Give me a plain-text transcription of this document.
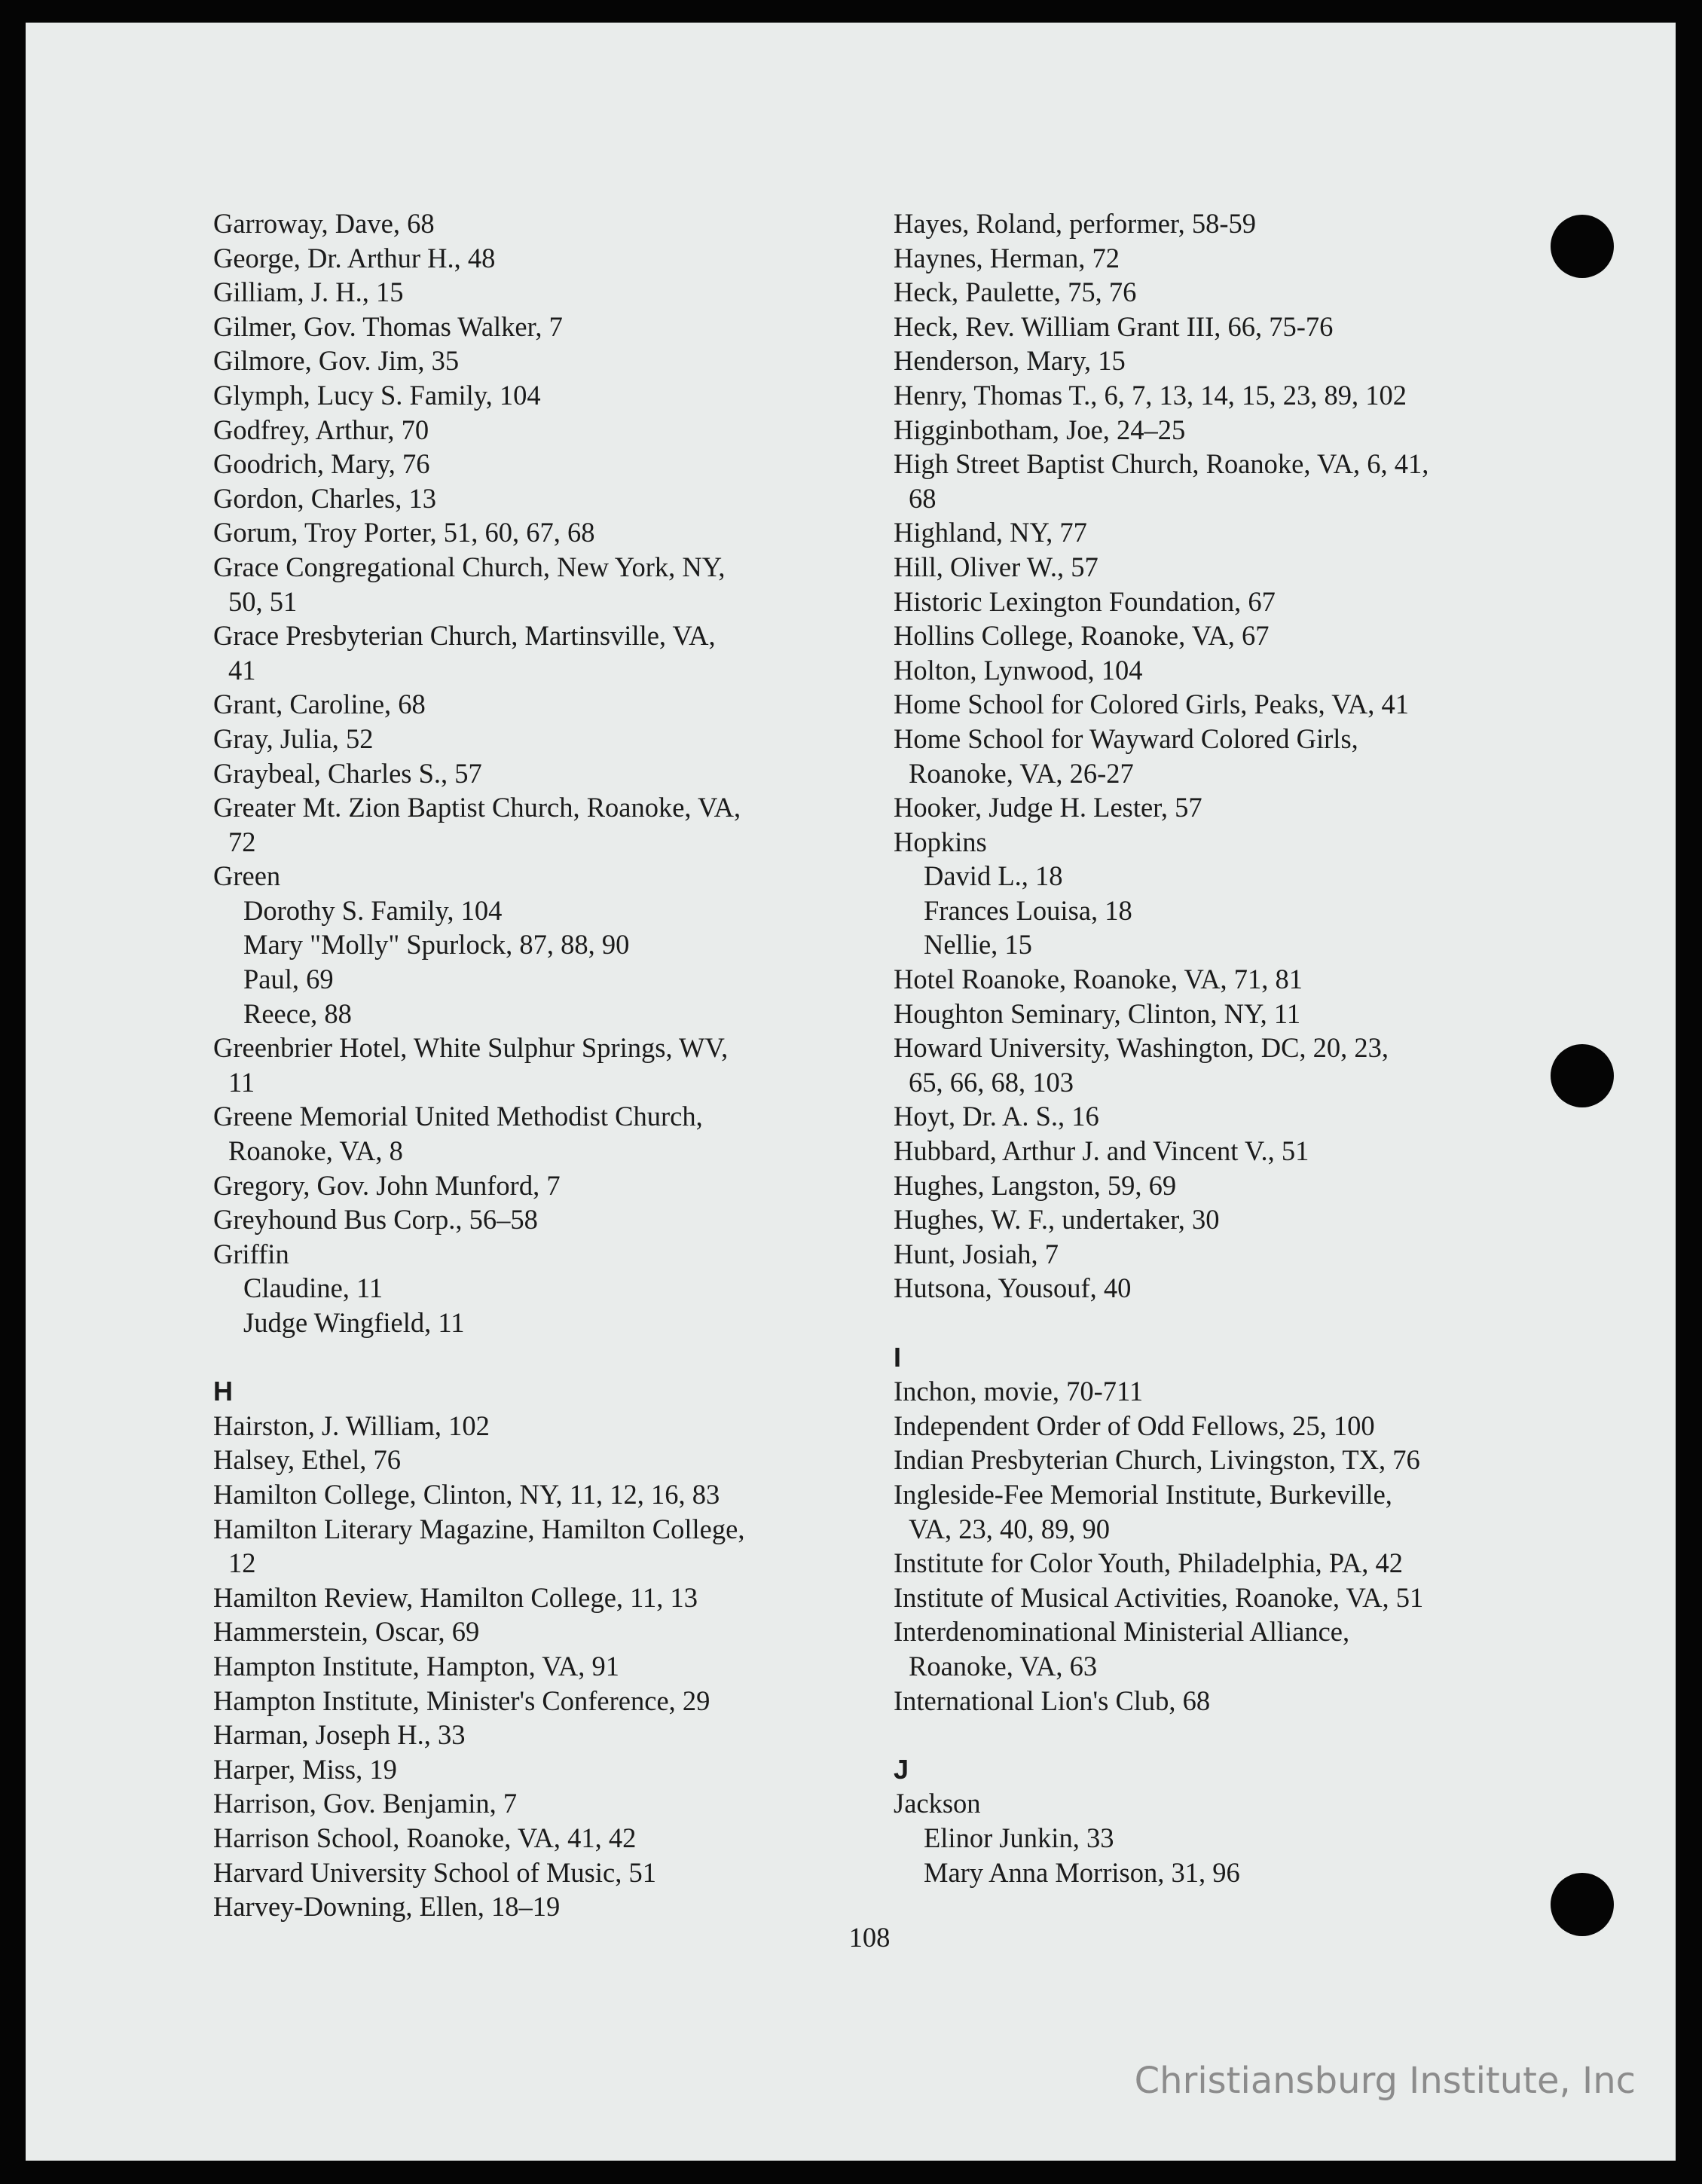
Garroway, Dave, 68
George, Dr. Arthur H., 48
Gilliam, J. H., 15
Gilmer, Gov. Thomas Walker, 7
Gilmore, Gov. Jim, 35
Glymph, Lucy S. Family, 104
Godfrey, Arthur, 70
Goodrich, Mary, 76
Gordon, Charles, 13
Gorum, Troy Porter, 51, 60, 67, 68
Grace Congregational Church, New York, NY,
50, 51
Grace Presbyterian Church, Martinsville, VA,
41
Grant, Caroline, 68
Gray, Julia, 52
Graybeal, Charles S., 57
Greater Mt. Zion Baptist Church, Roanoke, VA,
72
Green
Dorothy S. Family, 104
Mary "Molly" Spurlock, 87, 88, 90
Paul, 69
Reece, 88
Greenbrier Hotel, White Sulphur Springs, WV,
11
Greene Memorial United Methodist Church,
Roanoke, VA, 8
Gregory, Gov. John Munford, 7
Greyhound Bus Corp., 56–58
Griffin
Claudine, 11
Judge Wingfield, 11
H
Hairston, J. William, 102
Halsey, Ethel, 76
Hamilton College, Clinton, NY, 11, 12, 16, 83
Hamilton Literary Magazine, Hamilton College,
12
Hamilton Review, Hamilton College, 11, 13
Hammerstein, Oscar, 69
Hampton Institute, Hampton, VA, 91
Hampton Institute, Minister's Conference, 29
Harman, Joseph H., 33
Harper, Miss, 19
Harrison, Gov. Benjamin, 7
Harrison School, Roanoke, VA, 41, 42
Harvard University School of Music, 51
Harvey-Downing, Ellen, 18–19
Hayes, Roland, performer, 58-59
Haynes, Herman, 72
Heck, Paulette, 75, 76
Heck, Rev. William Grant III, 66, 75-76
Henderson, Mary, 15
Henry, Thomas T., 6, 7, 13, 14, 15, 23, 89, 102
Higginbotham, Joe, 24–25
High Street Baptist Church, Roanoke, VA, 6, 41,
68
Highland, NY, 77
Hill, Oliver W., 57
Historic Lexington Foundation, 67
Hollins College, Roanoke, VA, 67
Holton, Lynwood, 104
Home School for Colored Girls, Peaks, VA, 41
Home School for Wayward Colored Girls,
Roanoke, VA, 26-27
Hooker, Judge H. Lester, 57
Hopkins
David L., 18
Frances Louisa, 18
Nellie, 15
Hotel Roanoke, Roanoke, VA, 71, 81
Houghton Seminary, Clinton, NY, 11
Howard University, Washington, DC, 20, 23,
65, 66, 68, 103
Hoyt, Dr. A. S., 16
Hubbard, Arthur J. and Vincent V., 51
Hughes, Langston, 59, 69
Hughes, W. F., undertaker, 30
Hunt, Josiah, 7
Hutsona, Yousouf, 40
I
Inchon, movie, 70-711
Independent Order of Odd Fellows, 25, 100
Indian Presbyterian Church, Livingston, TX, 76
Ingleside-Fee Memorial Institute, Burkeville,
VA, 23, 40, 89, 90
Institute for Color Youth, Philadelphia, PA, 42
Institute of Musical Activities, Roanoke, VA, 51
Interdenominational Ministerial Alliance,
Roanoke, VA, 63
International Lion's Club, 68
J
Jackson
Elinor Junkin, 33
Mary Anna Morrison, 31, 96
108
Christiansburg Institute, Inc
